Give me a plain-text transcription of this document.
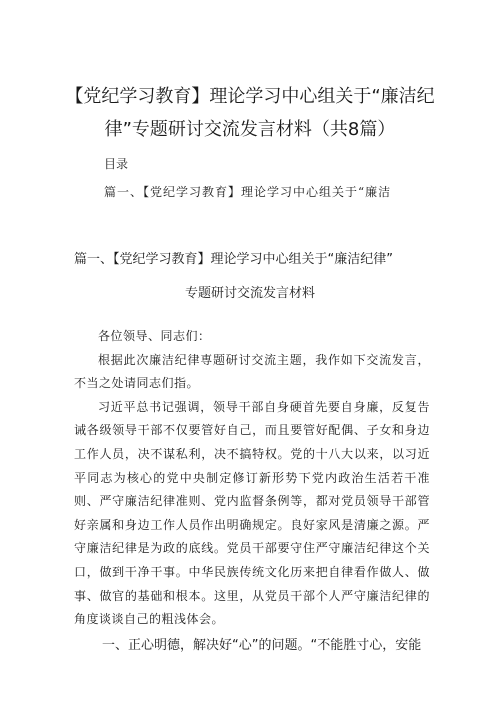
【党纪学习教育】理论学习中心组关于“廉洁纪律”专题研讨交流发言材料（共8篇）
目录
篇一、【党纪学习教育】理论学习中心组关于“廉洁
篇一、【党纪学习教育】理论学习中心组关于“廉洁纪律”
专题研讨交流发言材料

各位领导、同志们：

根据此次廉洁纪律専题研讨交流主题，我作如下交流发言，不当之处请同志们指。

习近平总书记强调，领导干部自身硬首先要自身廉，反复告诫各级领导干部不仅要管好自己，而且要管好配偶、子女和身边工作人员，决不谋私利，决不搞特权。党的十八大以来，以习近平同志为核心的党中央制定修订新形势下党内政治生活若干准则、严守廉洁纪律准则、党内监督条例等，都对党员领导干部管好亲属和身边工作人员作出明确规定。良好家风是清廉之源。严守廉洁纪律是为政的底线。党员干部要守住严守廉洁纪律这个关口，做到干净干事。中华民族传统文化历来把自律看作做人、做事、做官的基础和根本。这里，从党员干部个人严守廉洁纪律的角度谈谈自己的粗浅体会。

一、正心明德，解决好“心”的问题。“不能胜寸心，安能
